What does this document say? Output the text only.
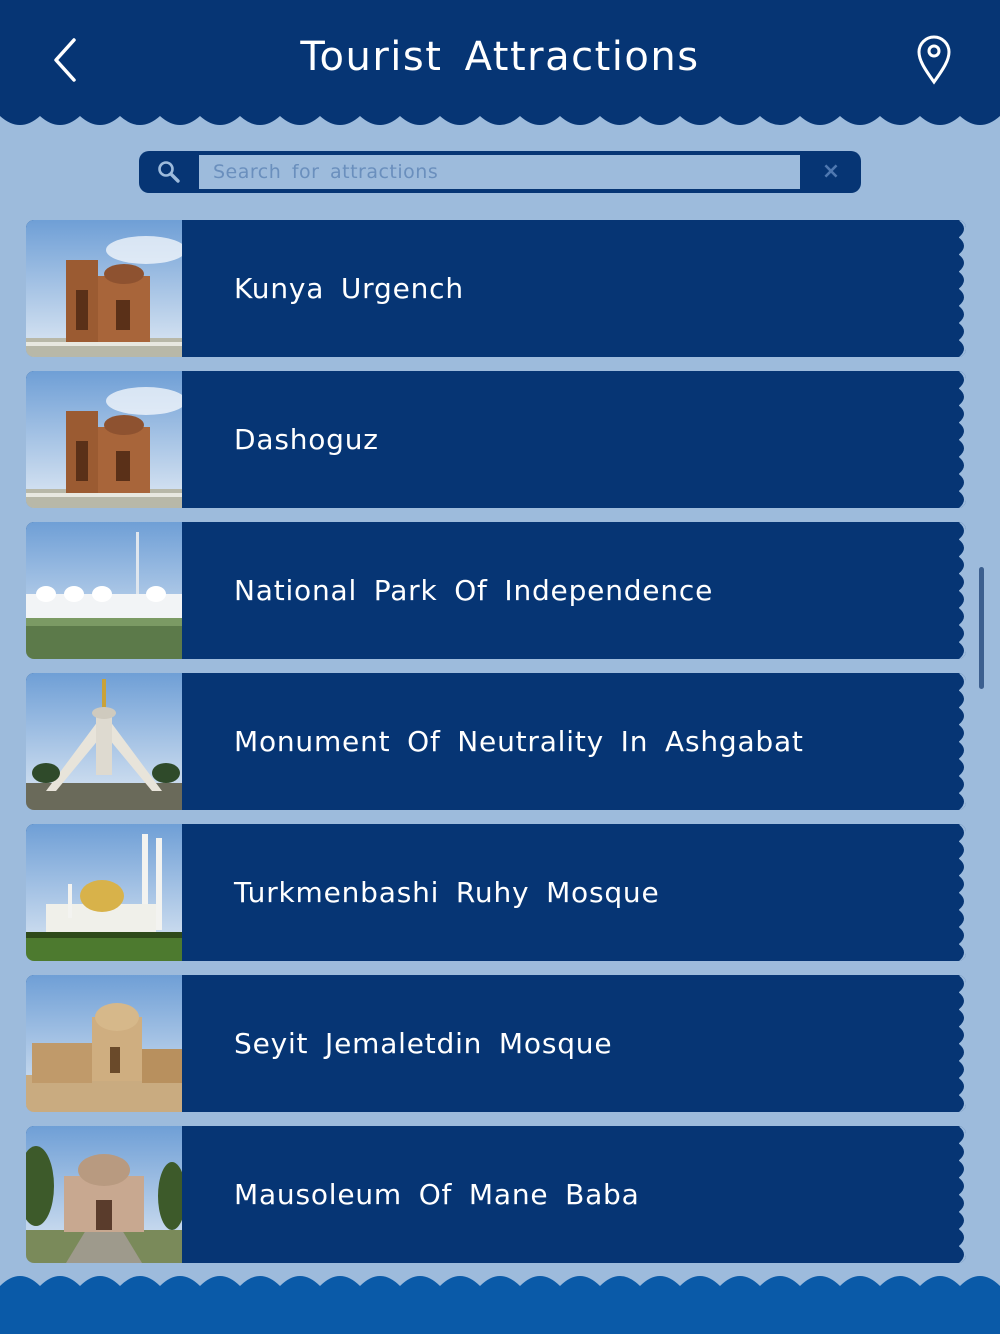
Tourist Attractions
Search for attractions
×
Kunya Urgench
Dashoguz
National Park Of Independence
Monument Of Neutrality In Ashgabat
Turkmenbashi Ruhy Mosque
Seyit Jemaletdin Mosque
Mausoleum Of Mane Baba
